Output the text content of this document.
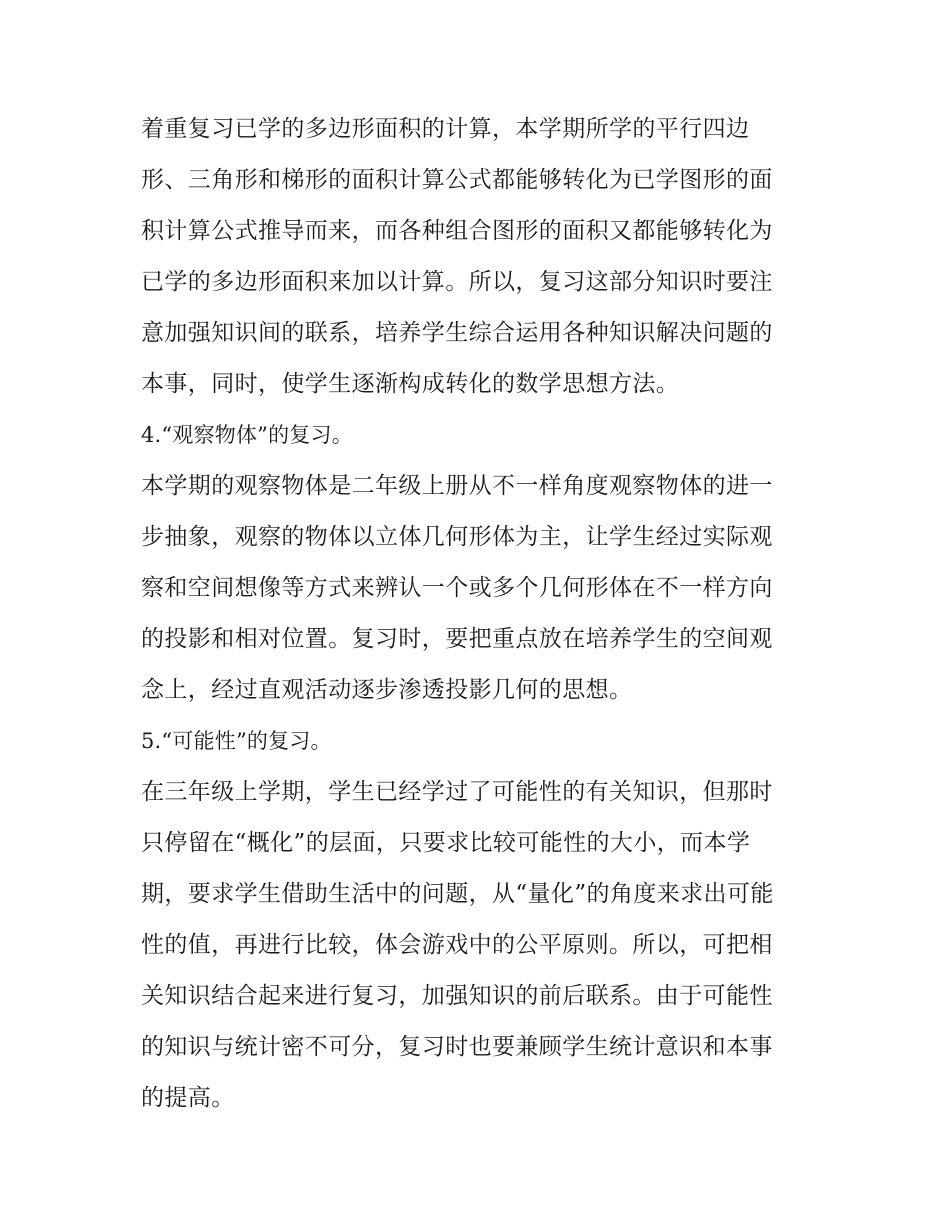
着重复习已学的多边形面积的计算，本学期所学的平行四边
形、三角形和梯形的面积计算公式都能够转化为已学图形的面
积计算公式推导而来，而各种组合图形的面积又都能够转化为
已学的多边形面积来加以计算。所以，复习这部分知识时要注
意加强知识间的联系，培养学生综合运用各种知识解决问题的
本事，同时，使学生逐渐构成转化的数学思想方法。
4.“观察物体”的复习。
本学期的观察物体是二年级上册从不一样角度观察物体的进一
步抽象，观察的物体以立体几何形体为主，让学生经过实际观
察和空间想像等方式来辨认一个或多个几何形体在不一样方向
的投影和相对位置。复习时，要把重点放在培养学生的空间观
念上，经过直观活动逐步渗透投影几何的思想。
5.“可能性”的复习。
在三年级上学期，学生已经学过了可能性的有关知识，但那时
只停留在“概化”的层面，只要求比较可能性的大小，而本学
期，要求学生借助生活中的问题，从“量化”的角度来求出可能
性的值，再进行比较，体会游戏中的公平原则。所以，可把相
关知识结合起来进行复习，加强知识的前后联系。由于可能性
的知识与统计密不可分，复习时也要兼顾学生统计意识和本事
的提高。
